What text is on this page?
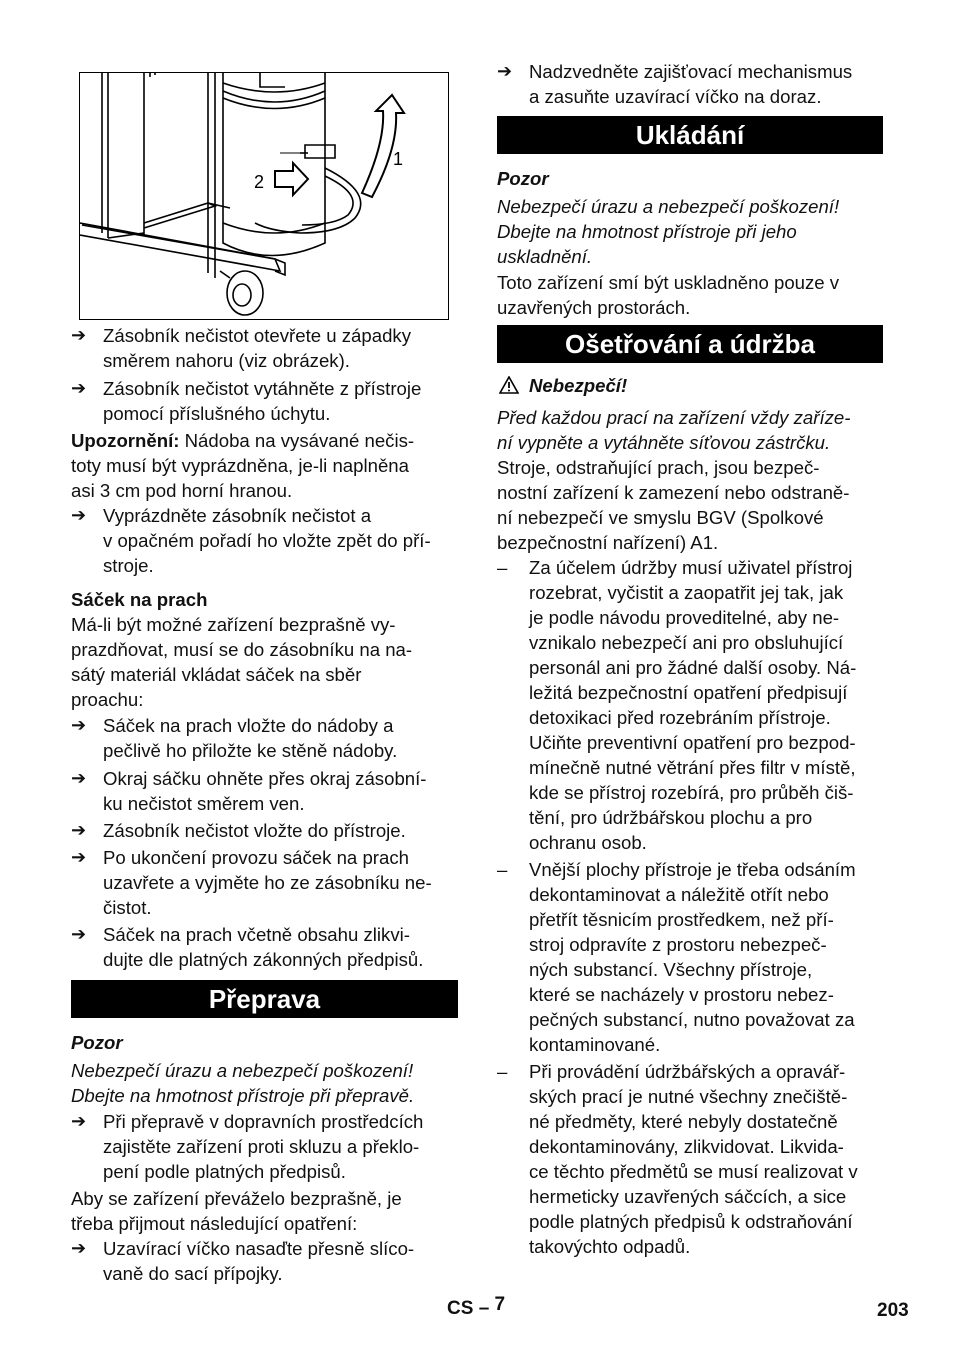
2
1
➔ Zásobník nečistot otevřete u západky
směrem nahoru (viz obrázek).
➔ Zásobník nečistot vytáhněte z přístroje
pomocí příslušného úchytu.
Upozornění: Nádoba na vysávané nečis-
toty musí být vyprázdněna, je-li naplněna
asi 3 cm pod horní hranou.
➔ Vyprázdněte zásobník nečistot a
v opačném pořadí ho vložte zpět do pří-
stroje.
Sáček na prach
Má-li být možné zařízení bezprašně vy-
prazdňovat, musí se do zásobníku na na-
sátý materiál vkládat sáček na sběr
proachu:
➔ Sáček na prach vložte do nádoby a
pečlivě ho přiložte ke stěně nádoby.
➔ Okraj sáčku ohněte přes okraj zásobní-
ku nečistot směrem ven.
➔ Zásobník nečistot vložte do přístroje.
➔ Po ukončení provozu sáček na prach
uzavřete a vyjměte ho ze zásobníku ne-
čistot.
➔ Sáček na prach včetně obsahu zlikvi-
dujte dle platných zákonných předpisů.
Přeprava
Pozor
Nebezpečí úrazu a nebezpečí poškození!
Dbejte na hmotnost přístroje při přepravě.
➔ Při přepravě v dopravních prostředcích
zajistěte zařízení proti skluzu a překlo-
pení podle platných předpisů.
Aby se zařízení převáželo bezprašně, je
třeba přijmout následující opatření:
➔ Uzavírací víčko nasaďte přesně slíco-
vaně do sací přípojky.
➔ Nadzvedněte zajišťovací mechanismus
a zasuňte uzavírací víčko na doraz.
Ukládání
Pozor
Nebezpečí úrazu a nebezpečí poškození!
Dbejte na hmotnost přístroje při jeho
uskladnění.
Toto zařízení smí být uskladněno pouze v
uzavřených prostorách.
Ošetřování a údržba
Nebezpečí!
Před každou prací na zařízení vždy zaříze-
ní vypněte a vytáhněte síťovou zástrčku.
Stroje, odstraňující prach, jsou bezpeč-
nostní zařízení k zamezení nebo odstraně-
ní nebezpečí ve smyslu BGV (Spolkové
bezpečnostní nařízení) A1.
– Za účelem údržby musí uživatel přístroj
rozebrat, vyčistit a zaopatřit jej tak, jak
je podle návodu proveditelné, aby ne-
vznikalo nebezpečí ani pro obsluhující
personál ani pro žádné další osoby. Ná-
ležitá bezpečnostní opatření předpisují
detoxikaci před rozebráním přístroje.
Učiňte preventivní opatření pro bezpod-
mínečně nutné větrání přes filtr v místě,
kde se přístroj rozebírá, pro průběh čiš-
tění, pro údržbářskou plochu a pro
ochranu osob.
– Vnější plochy přístroje je třeba odsáním
dekontaminovat a náležitě otřít nebo
přetřít těsnicím prostředkem, než pří-
stroj odpravíte z prostoru nebezpeč-
ných substancí. Všechny přístroje,
které se nacházely v prostoru nebez-
pečných substancí, nutno považovat za
kontaminované.
– Při provádění údržbářských a opravář-
ských prací je nutné všechny znečiště-
né předměty, které nebyly dostatečně
dekontaminovány, zlikvidovat. Likvida-
ce těchto předmětů se musí realizovat v
hermeticky uzavřených sáčcích, a sice
podle platných předpisů k odstraňování
takovýchto odpadů.
CS – 7	203
